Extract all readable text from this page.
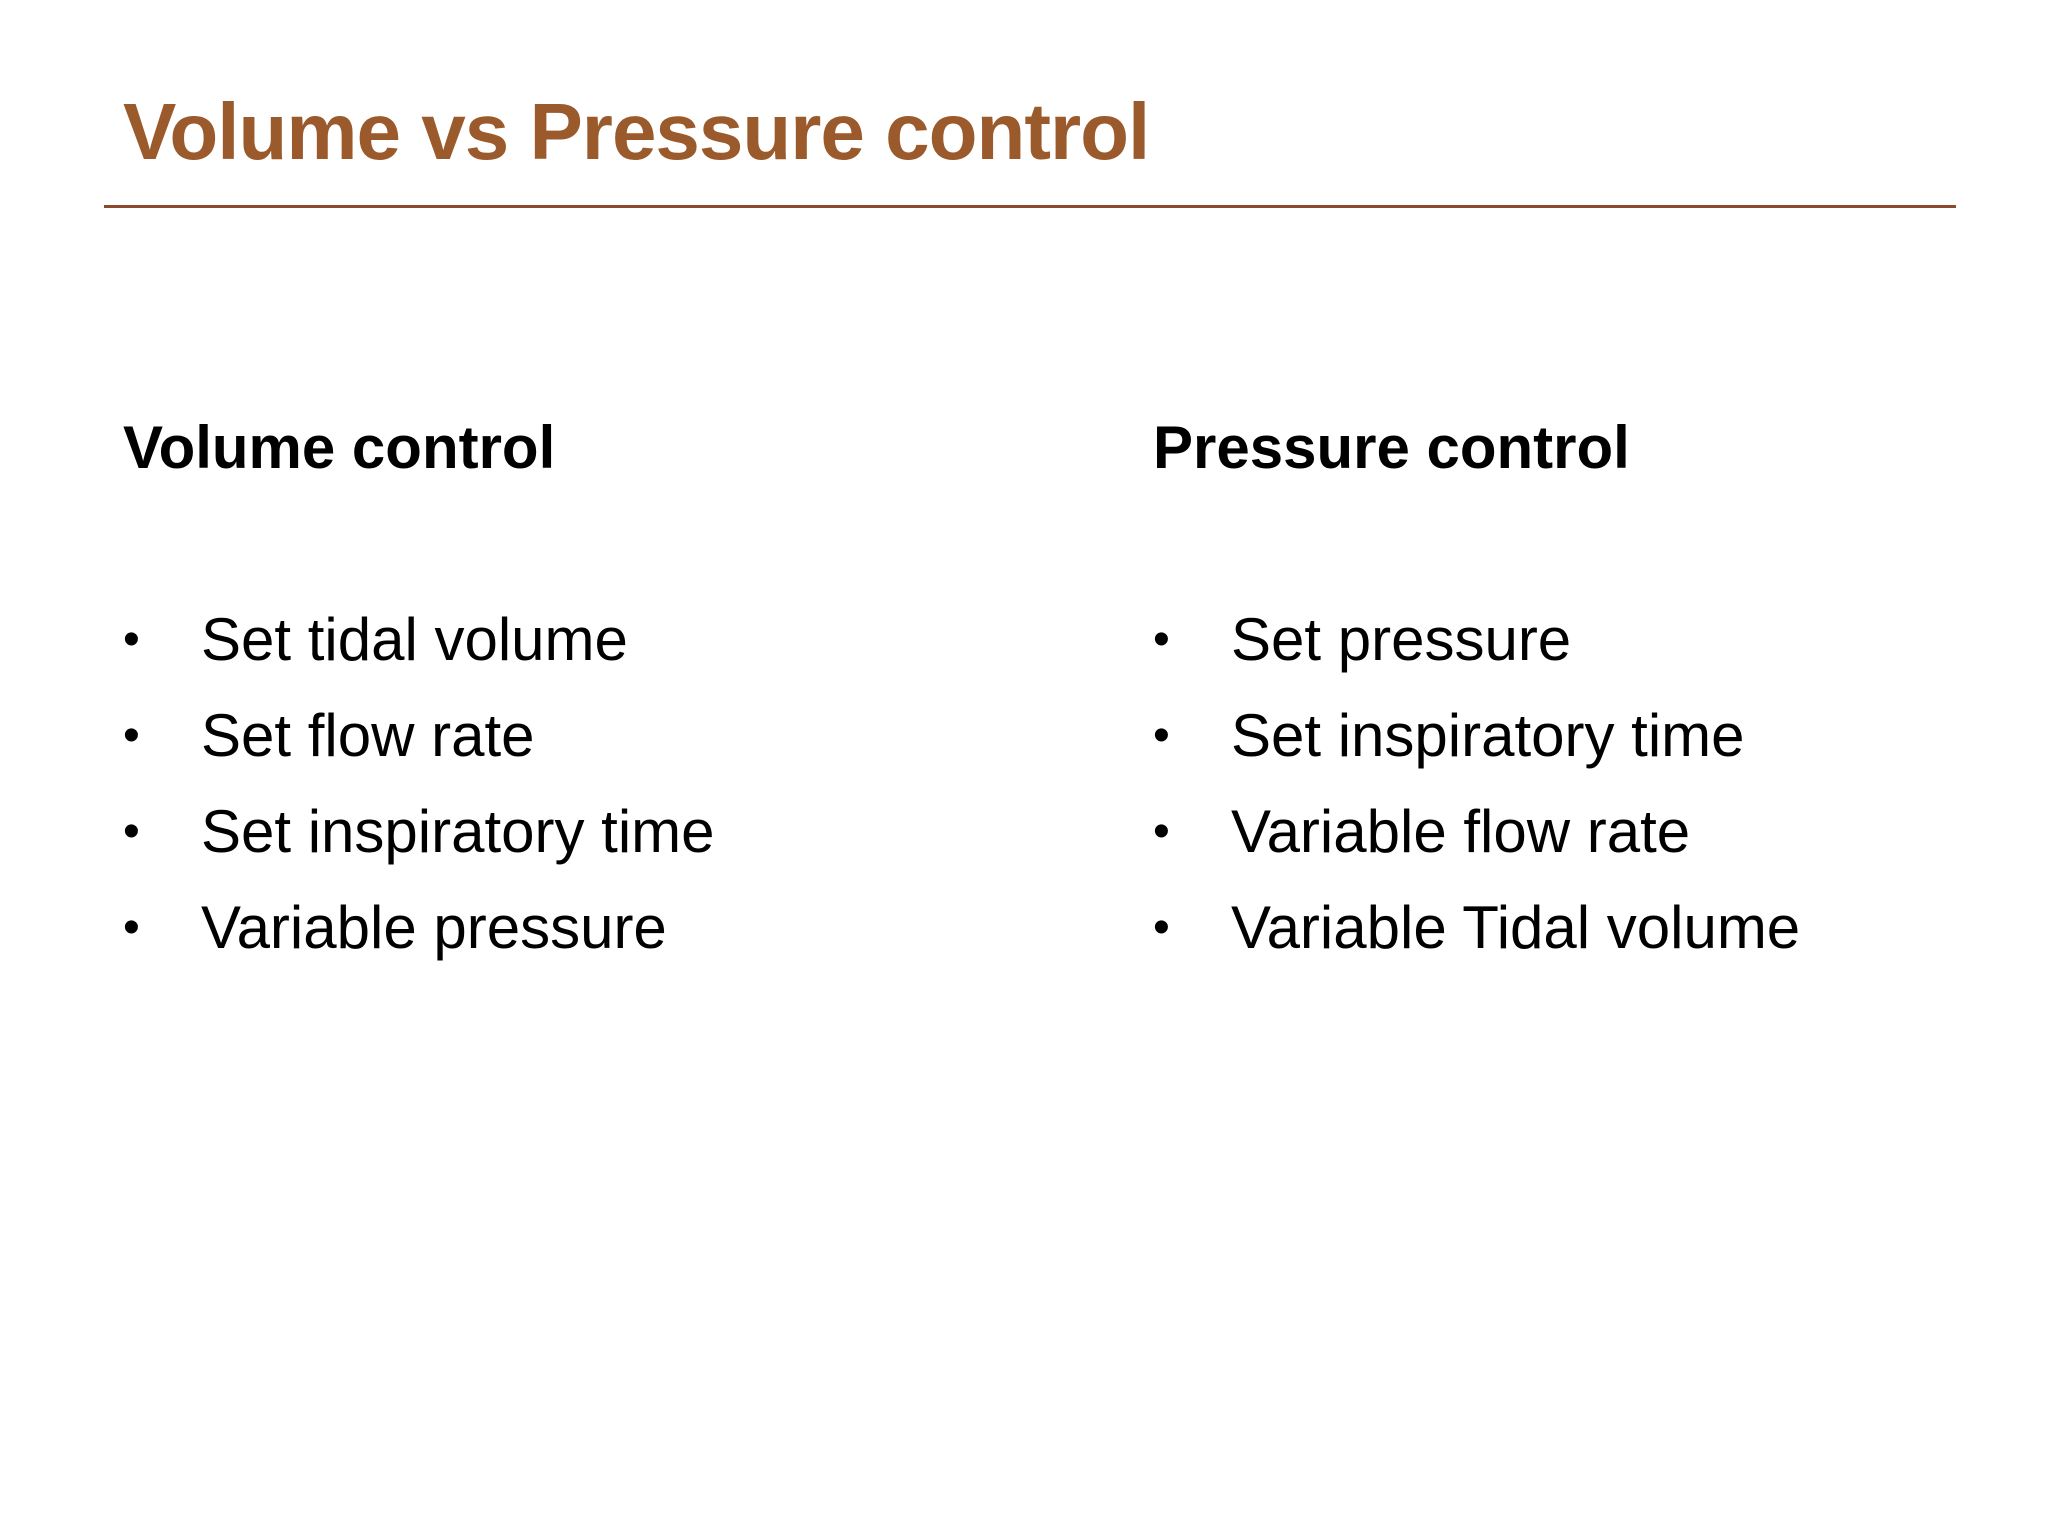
Volume vs Pressure control
Volume control
• Set tidal volume
• Set flow rate
• Set inspiratory time
• Variable pressure
Pressure control
• Set pressure
• Set inspiratory time
• Variable flow rate
• Variable Tidal volume
